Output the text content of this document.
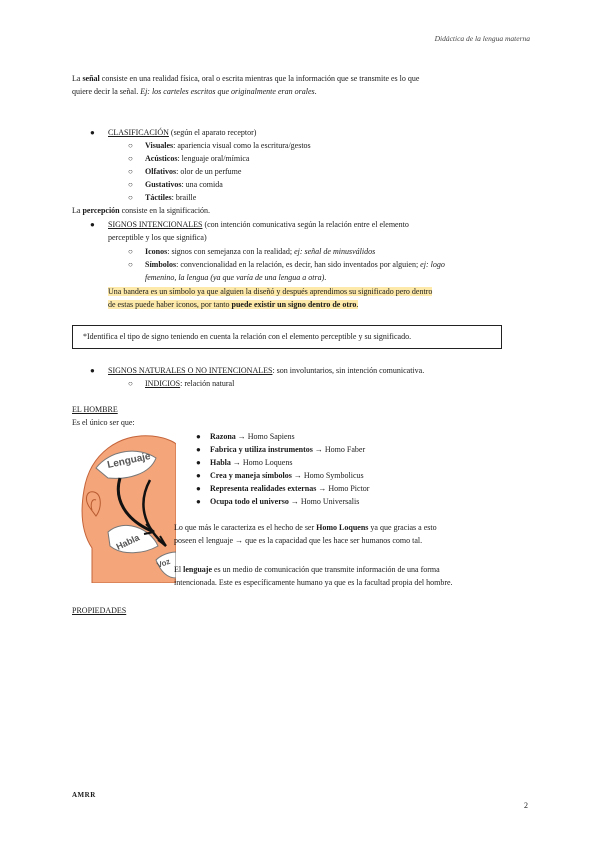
Didáctica de la lengua materna
La señal consiste en una realidad física, oral o escrita mientras que la información que se transmite es lo que
quiere decir la señal. Ej: los carteles escritos que originalmente eran orales.
● CLASIFICACIÓN (según el aparato receptor)
○ Visuales: apariencia visual como la escritura/gestos
○ Acústicos: lenguaje oral/mímica
○ Olfativos: olor de un perfume
○ Gustativos: una comida
○ Táctiles: braille
La percepción consiste en la significación.
● SIGNOS INTENCIONALES (con intención comunicativa según la relación entre el elemento
perceptible y los que significa)
○ Iconos: signos con semejanza con la realidad; ej: señal de minusválidos
○ Símbolos: convencionalidad en la relación, es decir, han sido inventados por alguien; ej: logo
femenino, la lengua (ya que varía de una lengua a otra).
Una bandera es un símbolo ya que alguien la diseñó y después aprendimos su significado pero dentro
de estas puede haber iconos, por tanto puede existir un signo dentro de otro.
*Identifica el tipo de signo teniendo en cuenta la relación con el elemento perceptible y su significado.
● SIGNOS NATURALES O NO INTENCIONALES: son involuntarios, sin intención comunicativa.
○ INDICIOS: relación natural
EL HOMBRE
Es el único ser que:
Lenguaje
Habla
Voz
● Razona → Homo Sapiens
● Fabrica y utiliza instrumentos → Homo Faber
● Habla → Homo Loquens
● Crea y maneja símbolos → Homo Symbolicus
● Representa realidades externas → Homo Pictor
● Ocupa todo el universo → Homo Universalis
Lo que más le caracteriza es el hecho de ser Homo Loquens ya que gracias a esto
poseen el lenguaje → que es la capacidad que les hace ser humanos como tal.
El lenguaje es un medio de comunicación que transmite información de una forma
intencionada. Este es específicamente humano ya que es la facultad propia del hombre.
PROPIEDADES
AMRR
2
